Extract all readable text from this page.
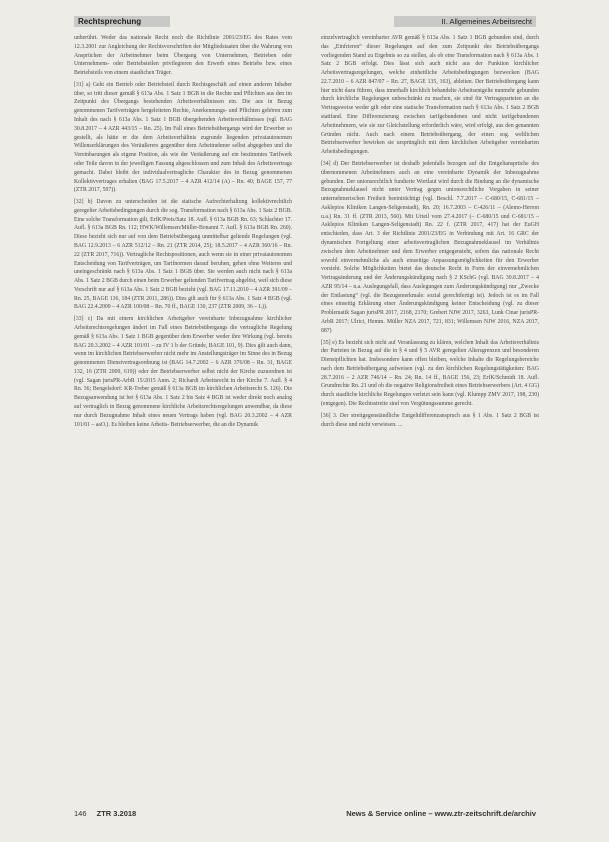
Rechtsprechung	II. Allgemeines Arbeitsrecht

unberührt. Weder das nationale Recht noch die Richtlinie 2001/23/EG des Rates vom 12.3.2001 zur Angleichung der Rechtsvorschriften der Mitgliedstaaten über die Wahrung von Ansprüchen der Arbeitnehmer beim Übergang von Unternehmen, Betrieben oder Unternehmens- oder Betriebsteilen privilegieren den Erwerb eines Betriebs bzw. eines Betriebsteils von einem staatlichen Träger.

[31] a) Geht ein Betrieb oder Betriebsteil durch Rechtsgeschäft auf einen anderen Inhaber über, so tritt dieser gemäß § 613a Abs. 1 Satz 1 BGB in die Rechte und Pflichten aus den im Zeitpunkt des Übergangs bestehenden Arbeitsverhältnissen ein. Die aus in Bezug genommenen Tarifverträgen hergeleiteten Rechte, Anerkennungs- und Pflichten gehören zum Inhalt des nach § 613a Abs. 1 Satz 1 BGB übergehenden Arbeitsverhältnisses (vgl. BAG 30.8.2017 – 4 AZR 443/15 – Rn. 25). Im Fall eines Betriebsübergangs wird der Erwerber so gestellt, als hätte er die dem Arbeitsverhältnis zugrunde liegenden privatautonomen Willenserklärungen des Veräußerers gegenüber dem Arbeitnehmer selbst abgegeben und die Vereinbarungen als eigene Position, als wie der Veräußerung auf ein bestimmtes Tarifwerk oder Teile davon in der jeweiligen Fassung abgeschlossen und zum Inhalt des Arbeitsvertrags gemacht. Dabei bleibt der individualvertragliche Charakter des in Bezug genommenen Kollektivvertrages erhalten (BAG 17.5.2017 – 4 AZR 412/14 (A) – Rn. 40; BAGE 157, 77 (ZTR 2017, 597)).

[32] b) Davon zu unterscheiden ist die statische Aufrechterhaltung kollektivrechtlich geregelter Arbeitsbedingungen durch die sog. Transformation nach § 613a Abs. 1 Satz 2 BGB. Eine solche Transformation gilt, ErfK/Preis/Satz 18. Aufl. § 613a BGB Rn. 63; Schlachter 17. Aufl. § 613a BGB Rn. 112; HWK/Willemsen/Müller-Bonanni 7. Aufl. § 613a BGB Rn. 260). Diese bezieht sich nur auf von dem Betriebsübergang unmittelbar geltende Regelungen (vgl. BAG 12.9.2013 – 6 AZR 512/12 – Rn. 21 (ZTR 2014, 25); 18.5.2017 – 4 AZR 360/16 – Rn. 22 (ZTR 2017, 716)). Vertragliche Rechtspositionen, auch wenn sie in einer privatautonomen Entscheidung von Tarifverträgen, um Tarifnormen darauf beruhen, gehen ohne Weiteres und uneingeschränkt nach § 613a Abs. 1 Satz 1 BGB über. Sie werden auch nicht nach § 613a Abs. 1 Satz 2 BGB durch einen beim Erwerber geltenden Tarifvertrag abgelöst, weil sich diese Vorschrift nur auf § 613a Abs. 1 Satz 2 BGB bezieht (vgl. BAG 17.11.2010 – 4 AZR 391/09 – Rn. 25, BAGE 136, 184 (ZTR 2011, 286)). Dies gilt auch für § 613a Abs. 1 Satz 4 BGB (vgl. BAG 22.4.2009 – 4 AZR 100/08 – Rn. 70 ff., BAGE 130, 237 (ZTR 2009, 36 – L)).

[33] c) Da mit einem kirchlichen Arbeitgeber vereinbarte Inbezugnahme kirchlicher Arbeitsrechtsregelungen ändert im Fall eines Betriebsübergangs die vertragliche Regelung gemäß § 613a Abs. 1 Satz 1 BGB gegenüber dem Erwerber weder ihre Wirkung (vgl. bereits BAG 20.3.2002 – 4 AZR 101/01 – zu IV 1 b der Gründe, BAGE 101, 9). Dies gilt auch dann, wenn im kirchlichen Betriebserwerber nicht mehr im Anstellungsträger im Sinne des in Bezug genommenen Dienstvertragsordnung ist (BAG 14.7.2002 – 6 AZR 376/08 – Rn. 31, BAGE 132, 16 (ZTR 2009, 619)) oder der Betriebserwerber selbst nicht der Kirche zuzuordnen ist (vgl. Sagan jurisPR-ArbR 15/2015 Anm. 2; Richardi Arbeitsrecht in der Kirche 7. Aufl. § 4 Rn. 36; Bengelsdorf: KR-Treber gemäß § 613a BGB im kirchlichen Arbeitsrecht S. 126). Die Bezugsanwendung ist bei § 613a Abs. 1 Satz 2 bis Satz 4 BGB ist weder direkt noch analog auf vertraglich in Bezug genommene kirchliche Arbeitsrechtsregelungen anwendbar, da diese nur durch Bezugnahme Inhalt eines neuen Vertrags haben (vgl. BAG 20.3.2002 – 4 AZR 101/01 – aaO.). Es bleiben keine Arbeits- Betriebserwerber, die an die Dynamik

einzelvertraglich vereinbarter AVR gemäß § 613a Abs. 1 Satz 1 BGB gebunden sind, durch das „Einfrieren“ dieser Regelungen auf den zum Zeitpunkt des Betriebsübergangs vorliegenden Stand zu Ergebnis so zu stellen, als ob eine Transformation nach § 613a Abs. 1 Satz 2 BGB erfolgt. Dies lässt sich auch nicht aus der Funktion kirchlicher Arbeitsvertragsregelungen, welche einheitliche Arbeitsbedingungen bezwecken (BAG 22.7.2010 – 6 AZR 847/07 – Rn. 27, BAGE 135, 163), ableiten. Der Betriebsübergang kann hier nicht dazu führen, dass innerhalb kirchlich behandelte Arbeitsentgelte nunmehr gebunden durch kirchliche Regelungen unbeschränkt zu machen, sie sind für Vertragsparteien an die Vertragsweise weder gilt oder eine statische Transformation nach § 613a Abs. 1 Satz 2 BGB stattfand. Eine Differenzierung zwischen tarifgebundenen und nicht tarifgebundenen Arbeitnehmern, wie sie zur Gleichstellung erforderlich wäre, wird erfolgt, aus den genannten Gründen nicht. Auch nach einem Betriebsübergang, der einen sog. weltlichen Betriebserwerber bewirken sie ursprünglich mit dem kirchlichen Arbeitgeber vereinbarten Arbeitsbedingungen.

[34] d) Der Betriebserwerber ist deshalb jedenfalls bezogen auf die Entgeltansprüche des übernommenen Arbeitnehmers auch an eine vereinbarte Dynamik der Inbezugnahme gebunden. Der unionsrechtlich fundierte Wortlaut wird durch die Bindung an die dynamische Bezugnahmeklausel nicht unter Vertrag gegen unionsrechtliche Vorgaben in seiner unternehmerischen Freiheit beeinträchtigt (vgl. Beschl. 7.7.2017 – C-680/15, C-681/15 – Asklepios Kliniken Langen-Seligenstadt), Rn. 20; 16.7.2003 – C-426/11 – (Alemo-Herron u.a.) Rn. 31 ff. (ZTR 2013, 560). Mit Urteil vom 27.4.2017 (– C-680/15 und C-681/15 – Asklepios Kliniken Langen-Seligenstadt) Rn. 22 f. (ZTR 2017, 417) hat der EuGH entschieden, dass Art. 3 der Richtlinie 2001/23/EG in Verbindung mit Art. 16 GRC der dynamischen Fortgeltung einer arbeitsvertraglichen Bezugnahmeklausel im Verhältnis zwischen dem Arbeitnehmer und dem Erwerber entgegensteht, sofern das nationale Recht sowohl einvernehmliche als auch einseitige Anpassungsmöglichkeiten für den Erwerber vorsieht. Solche Möglichkeiten bietet das deutsche Recht in Form der einvernehmlichen Vertragsänderung und der Änderungskündigung nach § 2 KSchG (vgl. BAG 30.8.2017 – 4 AZR 95/14 – n.a. Auslegungsfall, dass Auslegungen zum Änderungskündigung) nur „Zwecke der Entlastung“ (vgl. die Bezugsmerkmale: sozial gerechtfertigt ist). Jedoch ist es im Fall eines einseitig Erklärung einer Änderungskündigung keiner Entscheidung (vgl. zu dieser Problematik Sagan jurisPR 2017, 2168, 2170; Grebert NJW 2017, 3263, Lunk Cinar jurisPR-ArbR 2017; Ulrici, Hemm. Müller NZA 2017, 721, 831; Willemsen NJW 2016, NZA 2017, 887)

[35] e) Es bezieht sich nicht auf Veranlassung zu klären, welchen Inhalt das Arbeitsverhältnis der Parteien in Bezug auf die in § 4 und § 5 AVR geregelten Altersgrenzen und besonderen Dienstpflichten hat. Insbesondere kann offen bleiben, welche Inhalte die Regelungsbereiche nach dem Betriebsübergang aufweisen (vgl. zu den kirchlichen Regelungstätigkeiten: BAG 28.7.2016 – 2 AZR 746/14 – Rn. 24; Rn. 14 ff., BAGE 156, 23; ErfK/Schmidt 18. Aufl. Grundrechte Rn. 21 und ob die negative Religionsfreiheit eines Betriebserwerbers (Art. 4 GG) durch staatliche kirchliche Regelungen verletzt sein kann (vgl. Klumpp ZMV 2017, 198, 230) (entgegen). Die Rechtsstreite sind von Vergütungssumme gerecht.

[36] 3. Der streitgegenständliche Entgeltdifferenzanspruch aus § 1 Abs. 1 Satz 2 BGB ist durch diese und nicht verwiesen. ...

146 ZTR 3.2018	News & Service online – www.ztr-zeitschrift.de/archiv
